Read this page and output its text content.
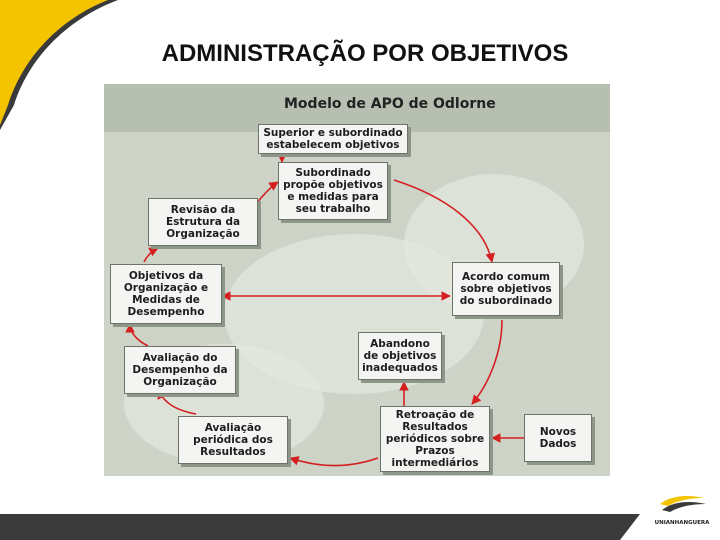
ADMINISTRAÇÃO POR OBJETIVOS
Modelo de APO de Odlorne
Superior e subordinado
estabelecem objetivos
Subordinado
propõe objetivos
e medidas para
seu trabalho
Revisão da
Estrutura da
Organização
Objetivos da
Organização e
Medidas de
Desempenho
Acordo comum
sobre objetivos
do subordinado
Abandono
de objetivos
inadequados
Avaliação do
Desempenho da
Organização
Retroação de
Resultados
periódicos sobre
Prazos
intermediários
Novos
Dados
Avaliação
periódica dos
Resultados
UNIANHANGUERA
